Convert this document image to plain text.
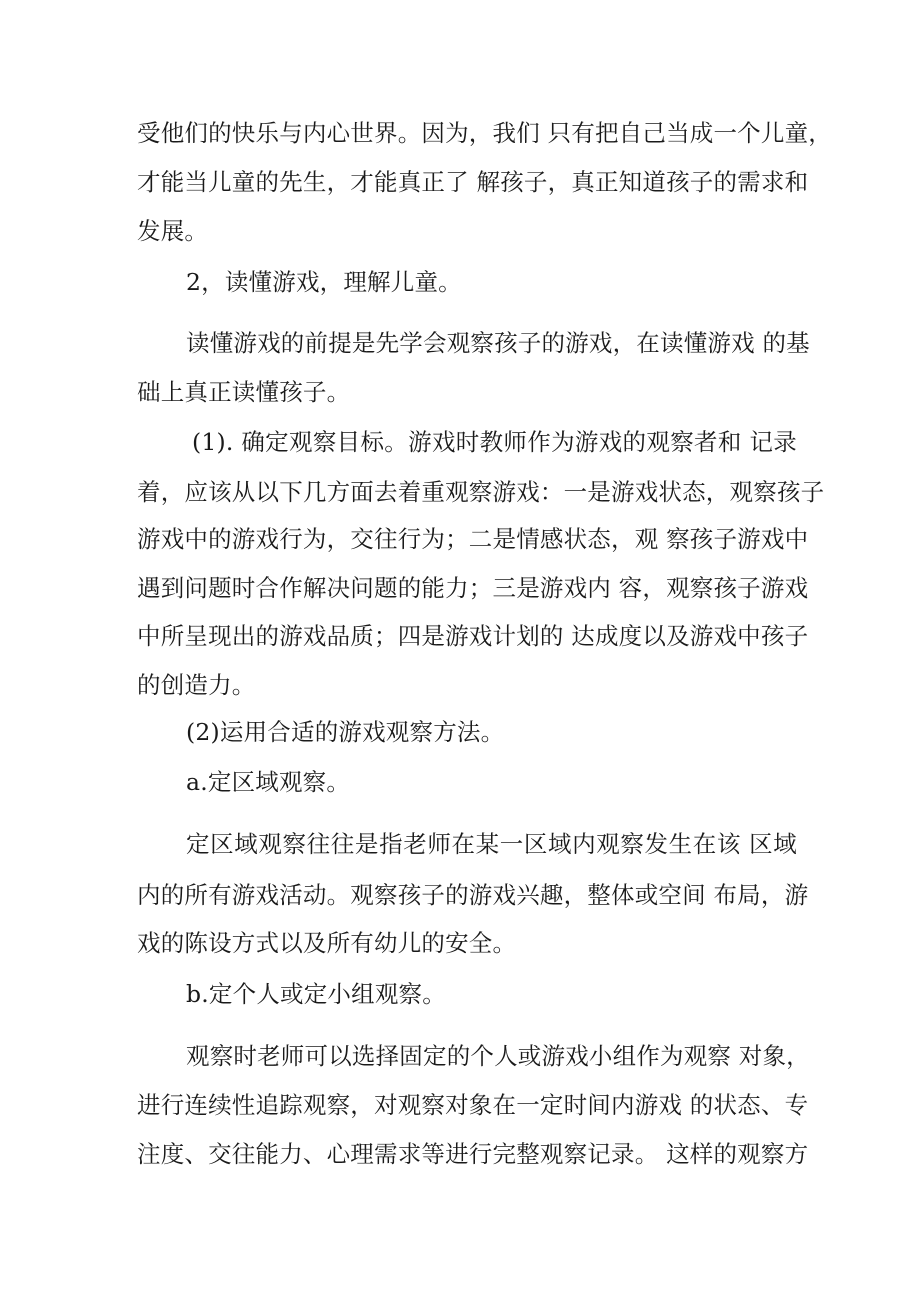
受他们的快乐与内心世界。因为，我们 只有把自己当成一个儿童，
才能当儿童的先生，才能真正了 解孩子，真正知道孩子的需求和
发展。
2，读懂游戏，理解儿童。
读懂游戏的前提是先学会观察孩子的游戏，在读懂游戏 的基
础上真正读懂孩子。
(1). 确定观察目标。游戏时教师作为游戏的观察者和 记录
着，应该从以下几方面去着重观察游戏：一是游戏状态，观察孩子
游戏中的游戏行为，交往行为；二是情感状态，观 察孩子游戏中
遇到问题时合作解决问题的能力；三是游戏内 容，观察孩子游戏
中所呈现出的游戏品质；四是游戏计划的 达成度以及游戏中孩子
的创造力。
(2)运用合适的游戏观察方法。
a.定区域观察。
定区域观察往往是指老师在某一区域内观察发生在该 区域
内的所有游戏活动。观察孩子的游戏兴趣，整体或空间 布局，游
戏的陈设方式以及所有幼儿的安全。
b.定个人或定小组观察。
观察时老师可以选择固定的个人或游戏小组作为观察 对象，
进行连续性追踪观察，对观察对象在一定时间内游戏 的状态、专
注度、交往能力、心理需求等进行完整观察记录。 这样的观察方
